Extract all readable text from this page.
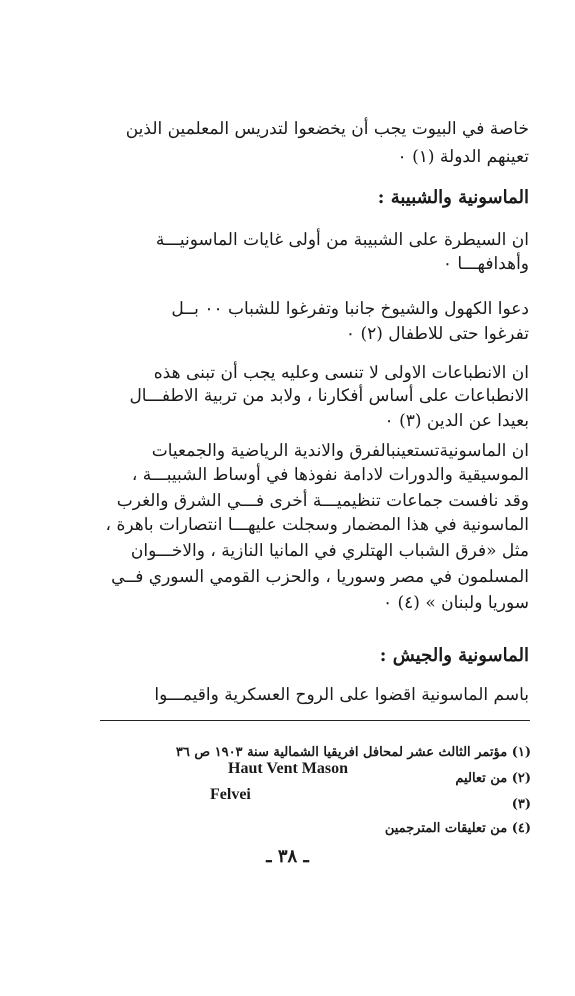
خاصة في البيوت يجب أن يخضعوا لتدريس المعلمين الذين
تعينهم الدولة (١) ٠
الماسونية والشبيبة :
ان السيطرة على الشبيبة من أولى غايات الماسونيـــة
وأهدافهـــا ٠
دعوا الكهول والشيوخ جانبا وتفرغوا للشباب ٠٠ بــل
تفرغوا حتى للاطفال (٢) ٠
ان الانطباعات الاولى لا تنسى وعليه يجب أن تبنى هذه
الانطباعات على أساس أفكارنا ، ولابد من تربية الاطفـــال
بعيدا عن الدين (٣) ٠
ان الماسونيةتستعينبالفرق والاندية الرياضية والجمعيات
الموسيقية والدورات لادامة نفوذها في أوساط الشبيبـــة ،
وقد نافست جماعات تنظيميـــة أخرى فـــي الشرق والغرب
الماسونية في هذا المضمار وسجلت عليهـــا انتصارات باهرة ،
مثل «فرق الشباب الهتلري في المانيا النازية ، والاخـــوان
المسلمون في مصر وسوريا ، والحزب القومي السوري فــي
سوريا ولبنان » (٤) ٠
الماسونية والجيش :
باسم الماسونية اقضوا على الروح العسكرية واقيمـــوا
(١) مؤتمر الثالث عشر لمحافل افريقيا الشمالية سنة ١٩٠٣ ص ٣٦
(٢) من تعاليم
Haut Vent Mason
Felvei
(٣)
(٤) من تعليقات المترجمين
ـ ٣٨ ـ
